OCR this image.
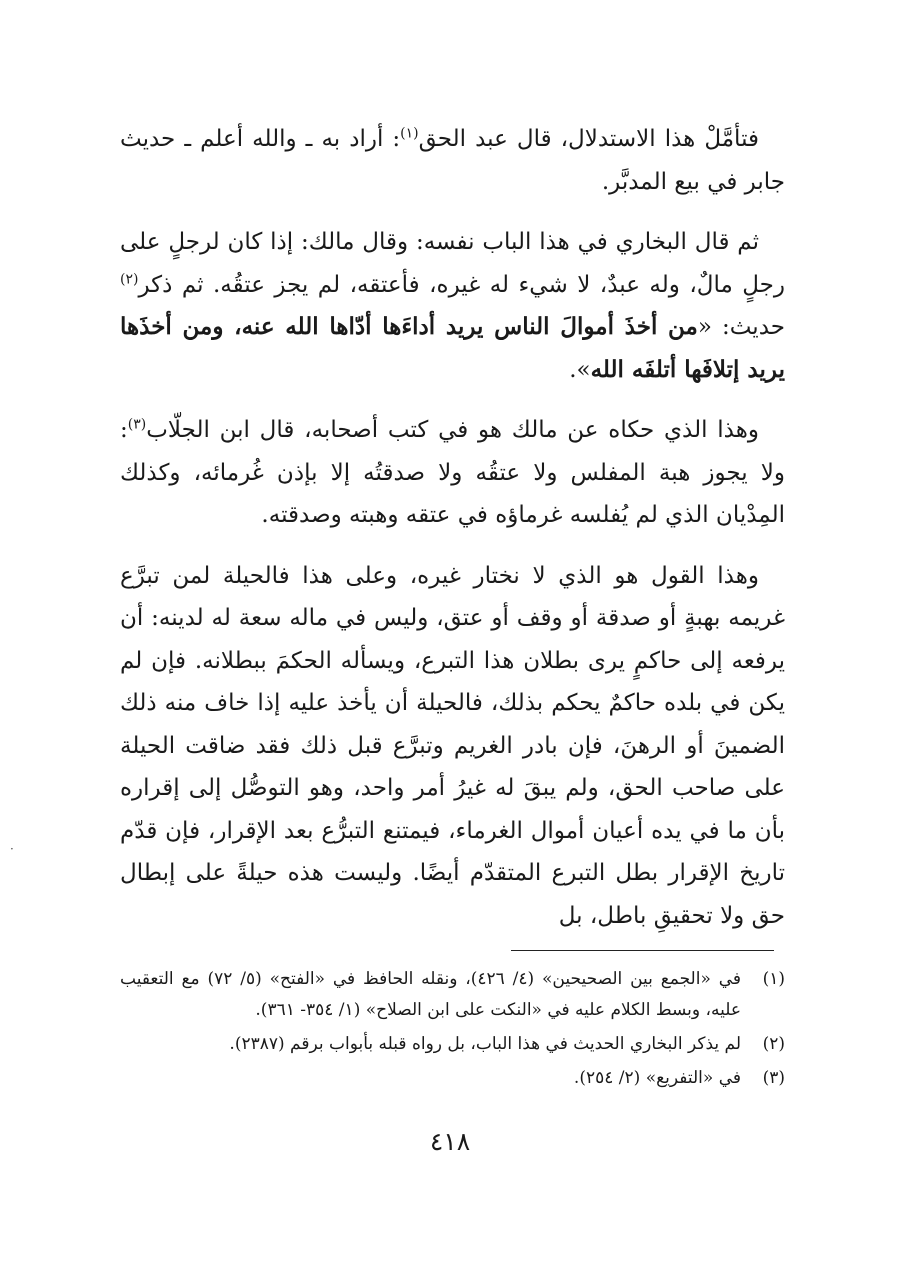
فتأمَّلْ هذا الاستدلال، قال عبد الحق$^{(١)}$: أراد به ـ والله أعلم ـ حديث جابر في بيع المدبَّر.

ثم قال البخاري في هذا الباب نفسه: وقال مالك: إذا كان لرجلٍ على رجلٍ مالٌ، وله عبدٌ، لا شيء له غيره، فأعتقه، لم يجز عتقُه. ثم ذكر$^{(٢)}$ حديث: «من أخذَ أموالَ الناس يريد أداءَها أدّاها الله عنه، ومن أخذَها يريد إتلافَها أتلفَه الله».

وهذا الذي حكاه عن مالك هو في كتب أصحابه، قال ابن الجلّاب$^{(٣)}$: ولا يجوز هبة المفلس ولا عتقُه ولا صدقتُه إلا بإذن غُرمائه، وكذلك المِدْيان الذي لم يُفلسه غرماؤه في عتقه وهبته وصدقته.

وهذا القول هو الذي لا نختار غيره، وعلى هذا فالحيلة لمن تبرَّع غريمه بهبةٍ أو صدقة أو وقف أو عتق، وليس في ماله سعة له لدينه: أن يرفعه إلى حاكمٍ يرى بطلان هذا التبرع، ويسأله الحكمَ ببطلانه. فإن لم يكن في بلده حاكمٌ يحكم بذلك، فالحيلة أن يأخذ عليه إذا خاف منه ذلك الضمينَ أو الرهنَ، فإن بادر الغريم وتبرَّع قبل ذلك فقد ضاقت الحيلة على صاحب الحق، ولم يبقَ له غيرُ أمر واحد، وهو التوصُّل إلى إقراره بأن ما في يده أعيان أموال الغرماء، فيمتنع التبرُّع بعد الإقرار، فإن قدّم تاريخ الإقرار بطل التبرع المتقدّم أيضًا. وليست هذه حيلةً على إبطال حق ولا تحقيقِ باطل، بل

(١)في «الجمع بين الصحيحين» (٤/ ٤٢٦)، ونقله الحافظ في «الفتح» (٥/ ٧٢) مع التعقيب عليه، وبسط الكلام عليه في «النكت على ابن الصلاح» (١/ ٣٥٤- ٣٦١).
(٢)لم يذكر البخاري الحديث في هذا الباب، بل رواه قبله بأبواب برقم (٢٣٨٧).
(٣)في «التفريع» (٢/ ٢٥٤).
٤١٨
·
